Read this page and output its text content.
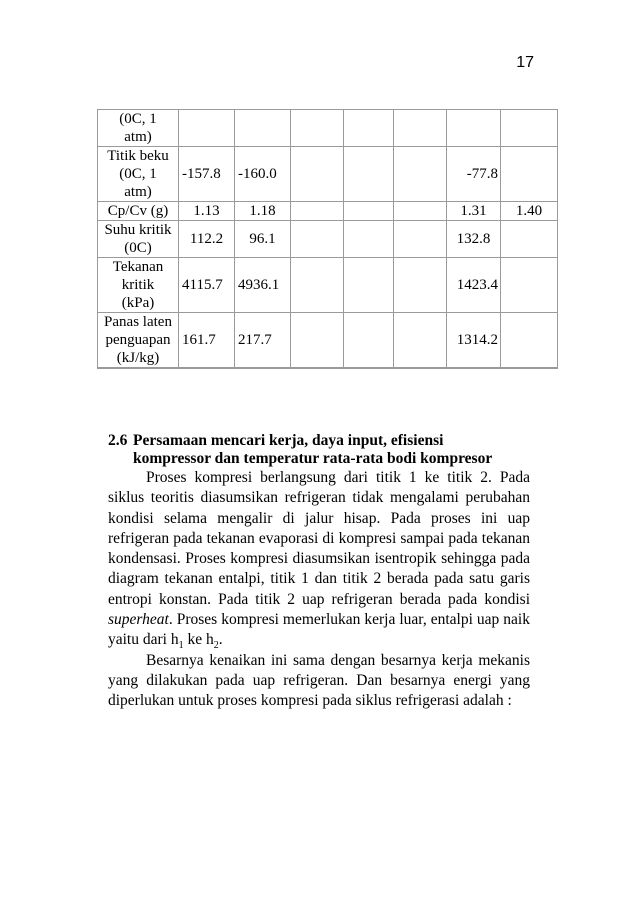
17
(0C, 1
atm)								

Titik beku
(0C, 1
atm)	-157.8	-160.0				-77.8		

Cp/Cv (g)	1.13	1.18				1.31	1.40	

Suhu kritik
(0C)	112.2	96.1				132.8		

Tekanan
kritik
(kPa)	4115.7	4936.1				1423.4		

Panas laten
penguapan
(kJ/kg)	161.7	217.7				1314.2		
2.6 Persamaan mencari kerja, daya input, efisiensi
kompressor dan temperatur rata-rata bodi kompresor

Proses kompresi berlangsung dari titik 1 ke titik 2. Pada siklus teoritis diasumsikan refrigeran tidak mengalami perubahan kondisi selama mengalir di jalur hisap. Pada proses ini uap refrigeran pada tekanan evaporasi di kompresi sampai pada tekanan kondensasi. Proses kompresi diasumsikan isentropik sehingga pada diagram tekanan entalpi, titik 1 dan titik 2 berada pada satu garis entropi konstan. Pada titik 2 uap refrigeran berada pada kondisi superheat. Proses kompresi memerlukan kerja luar, entalpi uap naik yaitu dari $h_1$ ke $h_2$.

Besarnya kenaikan ini sama dengan besarnya kerja mekanis yang dilakukan pada uap refrigeran. Dan besarnya energi yang diperlukan untuk proses kompresi pada siklus refrigerasi adalah :
